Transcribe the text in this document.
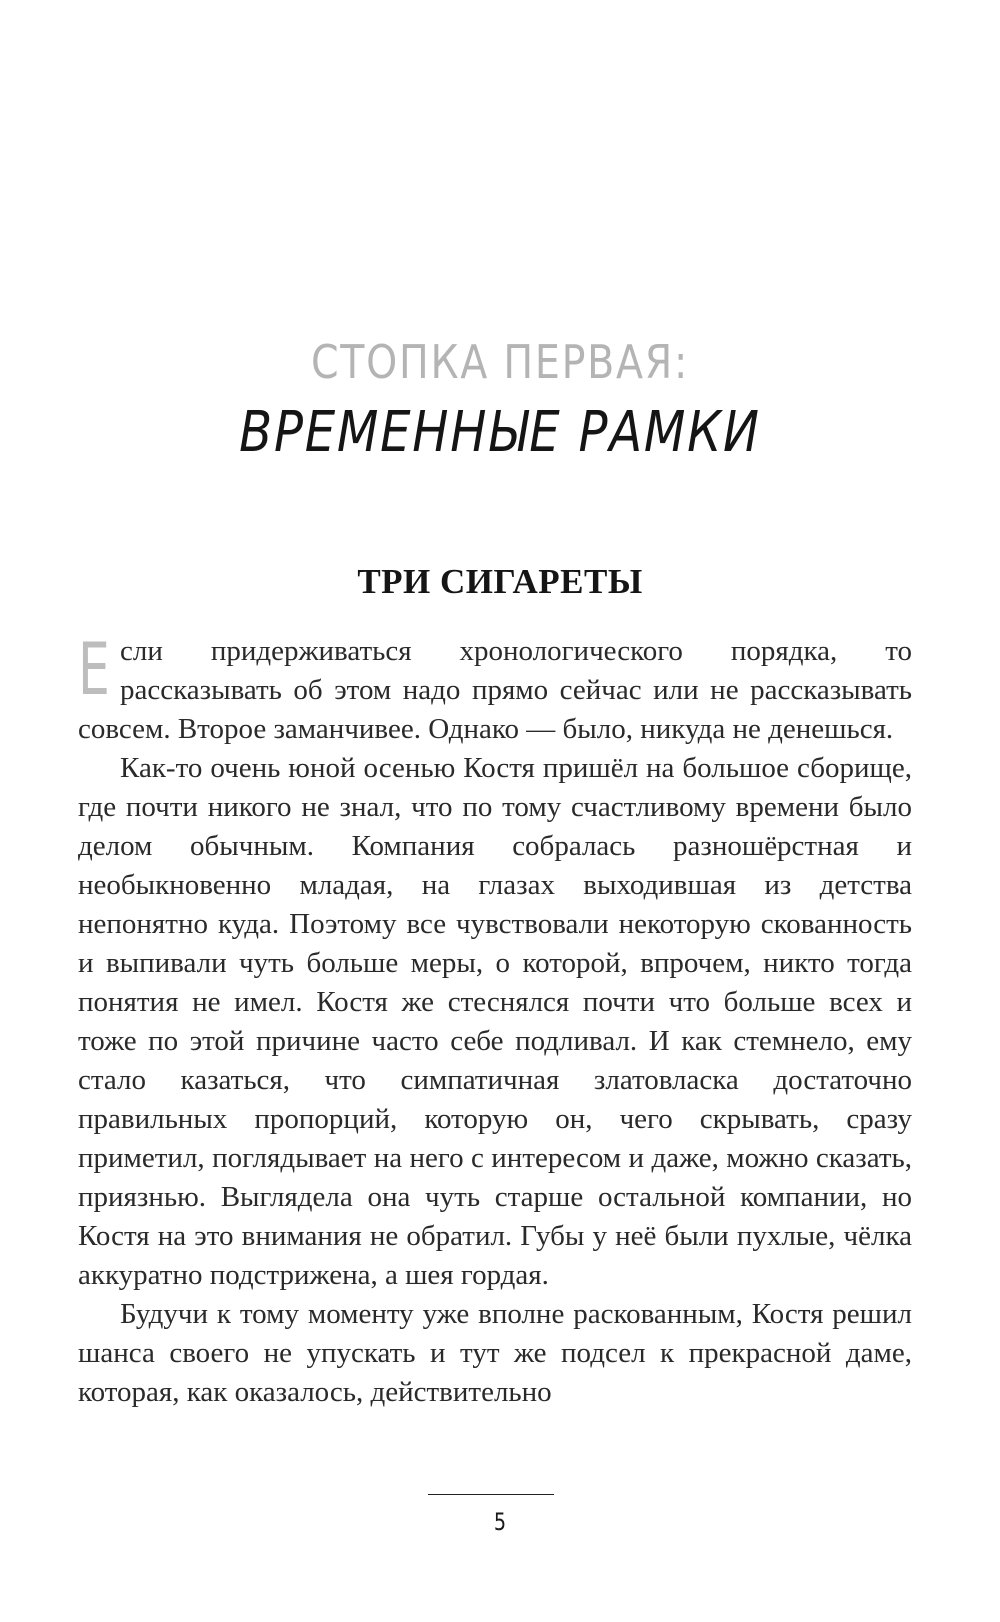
СТОПКА ПЕРВАЯ:
ВРЕМЕННЫЕ РАМКИ
ТРИ СИГАРЕТЫ

Если придерживаться хронологического порядка, то рассказывать об этом надо прямо сейчас или не рассказывать совсем. Второе заманчивее. Однако — было, никуда не денешься.

Как-то очень юной осенью Костя пришёл на большое сборище, где почти никого не знал, что по тому счастливому времени было делом обычным. Компания собралась разношёрстная и необыкновенно младая, на глазах выходившая из детства непонятно куда. Поэтому все чувствовали некоторую скованность и выпивали чуть больше меры, о которой, впрочем, никто тогда понятия не имел. Костя же стеснялся почти что больше всех и тоже по этой причине часто себе подливал. И как стемнело, ему стало казаться, что симпатичная златовласка достаточно правильных пропорций, которую он, чего скрывать, сразу приметил, поглядывает на него с интересом и даже, можно сказать, приязнью. Выглядела она чуть старше остальной компании, но Костя на это внимания не обратил. Губы у неё были пухлые, чёлка аккуратно подстрижена, а шея гордая.

Будучи к тому моменту уже вполне раскованным, Костя решил шанса своего не упускать и тут же подсел к прекрасной даме, которая, как оказалось, действительно

5
